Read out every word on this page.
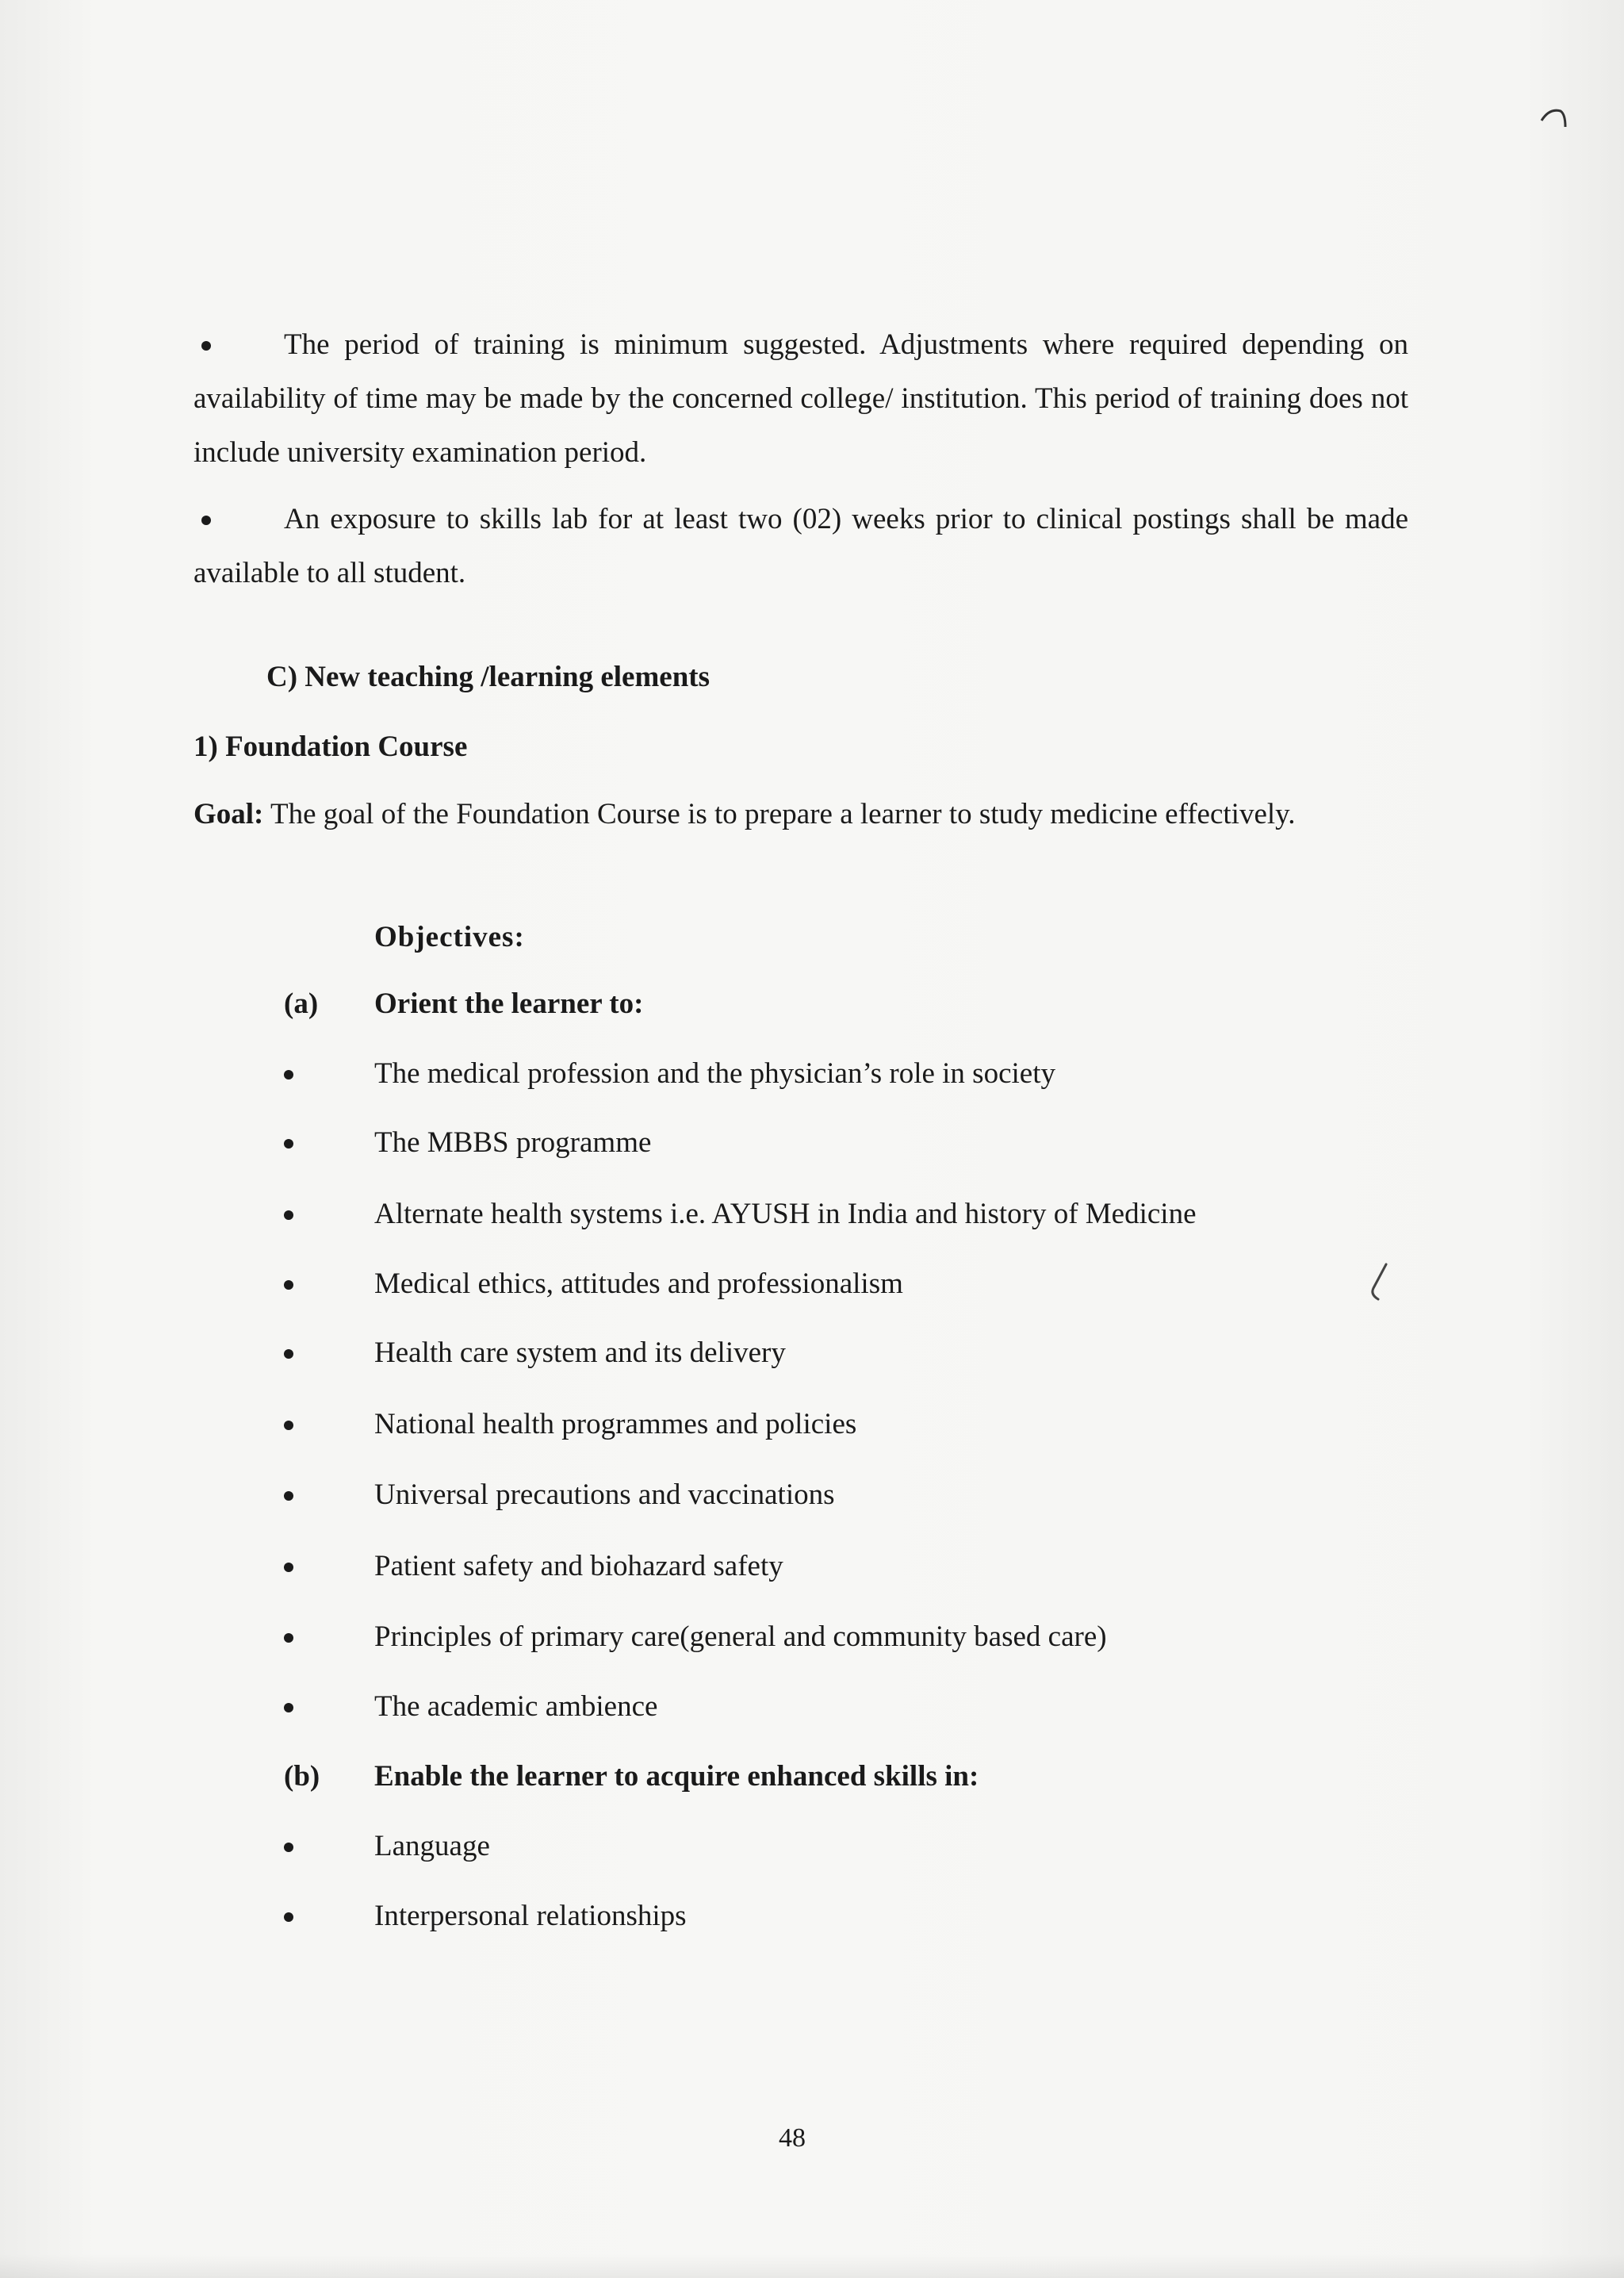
The period of training is minimum suggested. Adjustments where required depending on availability of time may be made by the concerned college/ institution. This period of training does not include university examination period.
An exposure to skills lab for at least two (02) weeks prior to clinical postings shall be made available to all student.
C) New teaching /learning elements
1) Foundation Course
Goal: The goal of the Foundation Course is to prepare a learner to study medicine effectively.
Objectives:
(a) Orient the learner to:
The medical profession and the physician’s role in society
The MBBS programme
Alternate health systems i.e. AYUSH in India and history of Medicine
Medical ethics, attitudes and professionalism
Health care system and its delivery
National health programmes and policies
Universal precautions and vaccinations
Patient safety and biohazard safety
Principles of primary care(general and community based care)
The academic ambience
(b) Enable the learner to acquire enhanced skills in:
Language
Interpersonal relationships
48
